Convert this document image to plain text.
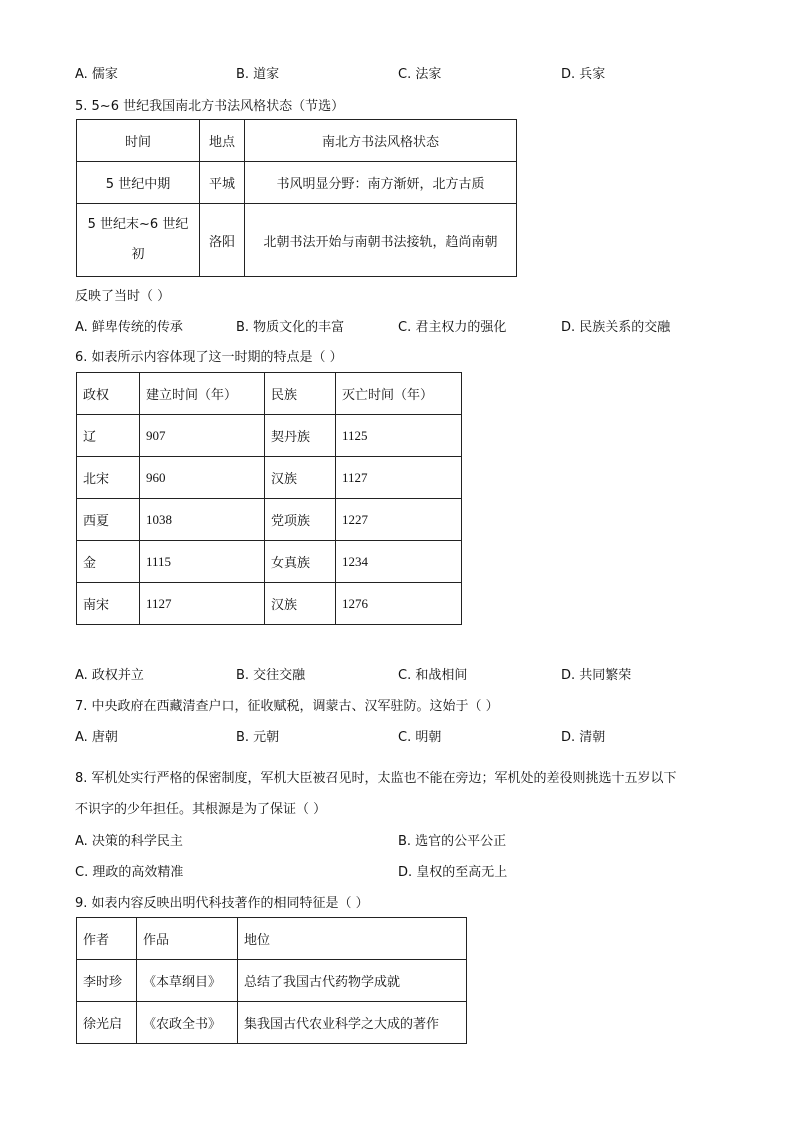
A. 儒家	B. 道家	C. 法家	D. 兵家
5. 5~6 世纪我国南北方书法风格状态（节选）
时间	地点	南北方书法风格状态
5 世纪中期	平城	书风明显分野：南方渐妍，北方古质
5 世纪末~6 世纪初	洛阳	北朝书法开始与南朝书法接轨，趋尚南朝
反映了当时（ ）
A. 鲜卑传统的传承	B. 物质文化的丰富	C. 君主权力的强化	D. 民族关系的交融
6. 如表所示内容体现了这一时期的特点是（ ）
政权	建立时间（年）	民族	灭亡时间（年）
辽	907	契丹族	1125
北宋	960	汉族	1127
西夏	1038	党项族	1227
金	1115	女真族	1234
南宋	1127	汉族	1276
A. 政权并立	B. 交往交融	C. 和战相间	D. 共同繁荣
7. 中央政府在西藏清查户口，征收赋税，调蒙古、汉军驻防。这始于（ ）
A. 唐朝	B. 元朝	C. 明朝	D. 清朝
8. 军机处实行严格的保密制度，军机大臣被召见时，太监也不能在旁边；军机处的差役则挑选十五岁以下
不识字的少年担任。其根源是为了保证（ ）
A. 决策的科学民主	B. 选官的公平公正
C. 理政的高效精准	D. 皇权的至高无上
9. 如表内容反映出明代科技著作的相同特征是（ ）
作者	作品	地位
李时珍	《本草纲目》	总结了我国古代药物学成就
徐光启	《农政全书》	集我国古代农业科学之大成的著作
